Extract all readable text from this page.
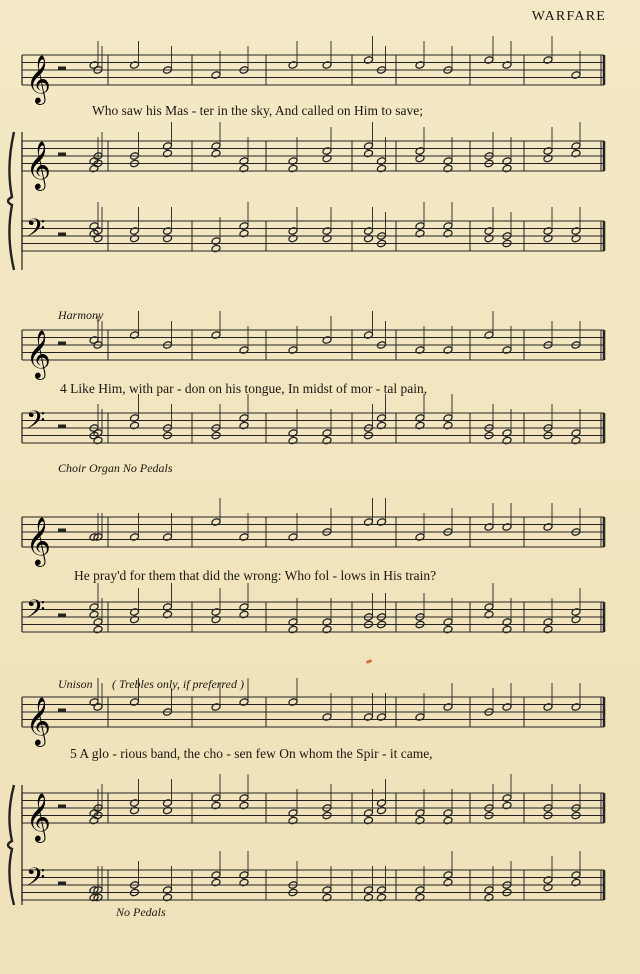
𝄞
𝄞
𝄢
𝄞
𝄢
𝄞
𝄢
𝄞
𝄞
𝄢
WARFARE
Who saw his Mas - ter in the sky, And called on Him to save;
Harmony
4 Like Him, with par - don on his tongue, In midst of mor - tal pain,
Choir Organ No Pedals
He pray'd for them that did the wrong: Who fol - lows in His train?
Unison ( Trebles only, if preferred )
5 A glo - rious band, the cho - sen few On whom the Spir - it came,
No Pedals
